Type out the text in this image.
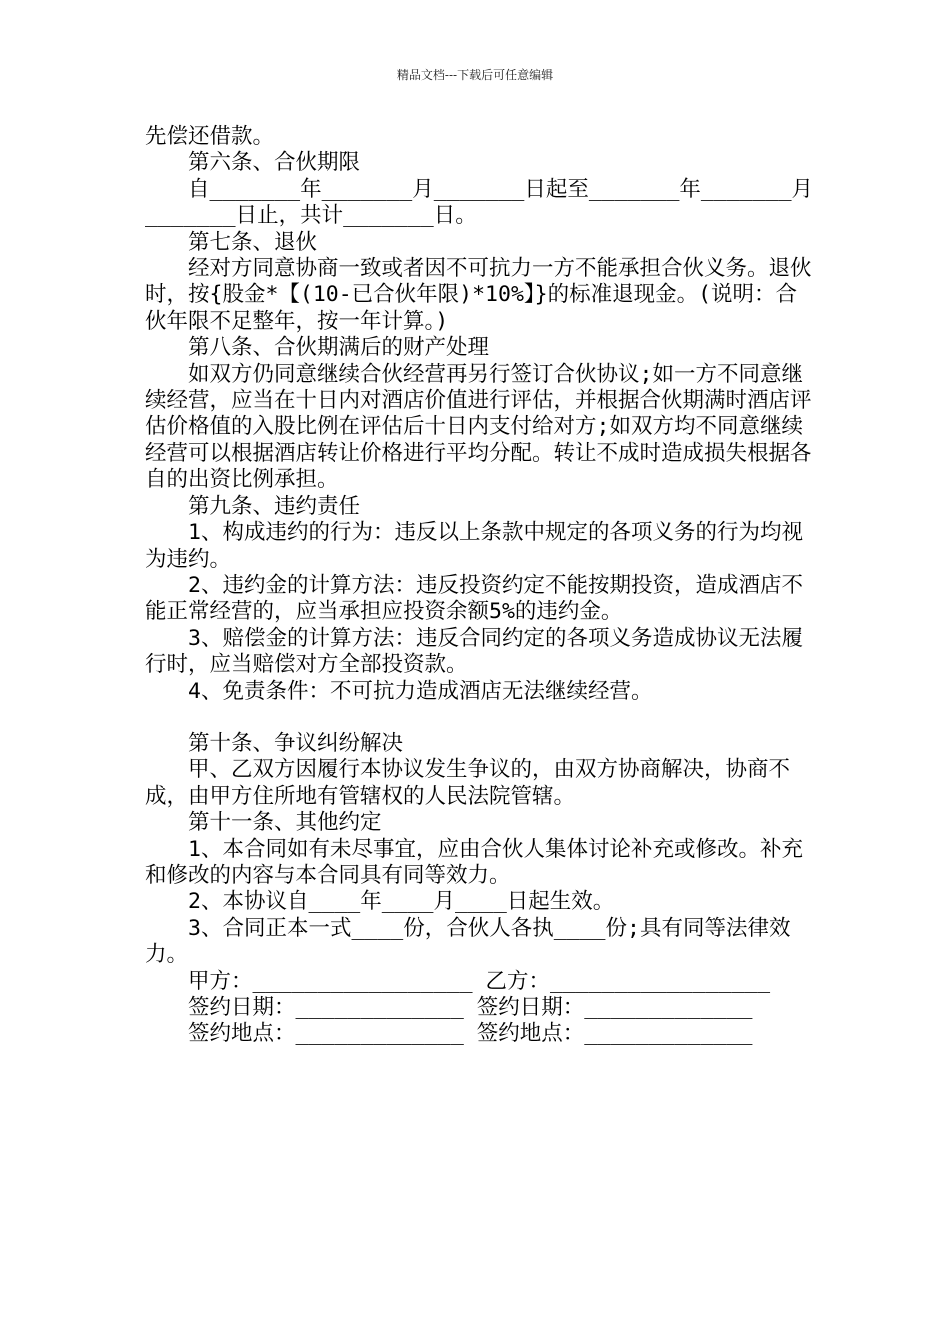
精品文档---下载后可任意编辑

先偿还借款。

　　第六条、合伙期限

　　自_______年_______月_______日起至_______年_______月_______日止，共计_______日。

　　第七条、退伙

　　经对方同意协商一致或者因不可抗力一方不能承担合伙义务。退伙时，按{股金*【(10-已合伙年限)*10%】}的标准退现金。(说明：合伙年限不足整年，按一年计算。)

　　第八条、合伙期满后的财产处理

　　如双方仍同意继续合伙经营再另行签订合伙协议;如一方不同意继续经营，应当在十日内对酒店价值进行评估，并根据合伙期满时酒店评估价格值的入股比例在评估后十日内支付给对方;如双方均不同意继续经营可以根据酒店转让价格进行平均分配。转让不成时造成损失根据各自的出资比例承担。

　　第九条、违约责任

　　1、构成违约的行为：违反以上条款中规定的各项义务的行为均视为违约。

　　2、违约金的计算方法：违反投资约定不能按期投资，造成酒店不能正常经营的，应当承担应投资余额5%的违约金。

　　3、赔偿金的计算方法：违反合同约定的各项义务造成协议无法履行时，应当赔偿对方全部投资款。

　　4、免责条件：不可抗力造成酒店无法继续经营。

　　第十条、争议纠纷解决

　　甲、乙双方因履行本协议发生争议的，由双方协商解决，协商不成，由甲方住所地有管辖权的人民法院管辖。

　　第十一条、其他约定

　　1、本合同如有未尽事宜，应由合伙人集体讨论补充或修改。补充和修改的内容与本合同具有同等效力。

　　2、本协议自____年____月____日起生效。

　　3、合同正本一式____份，合伙人各执____份;具有同等法律效力。

　　甲方：_________________ 乙方：_________________

　　签约日期：_____________ 签约日期：_____________

　　签约地点：_____________ 签约地点：_____________
